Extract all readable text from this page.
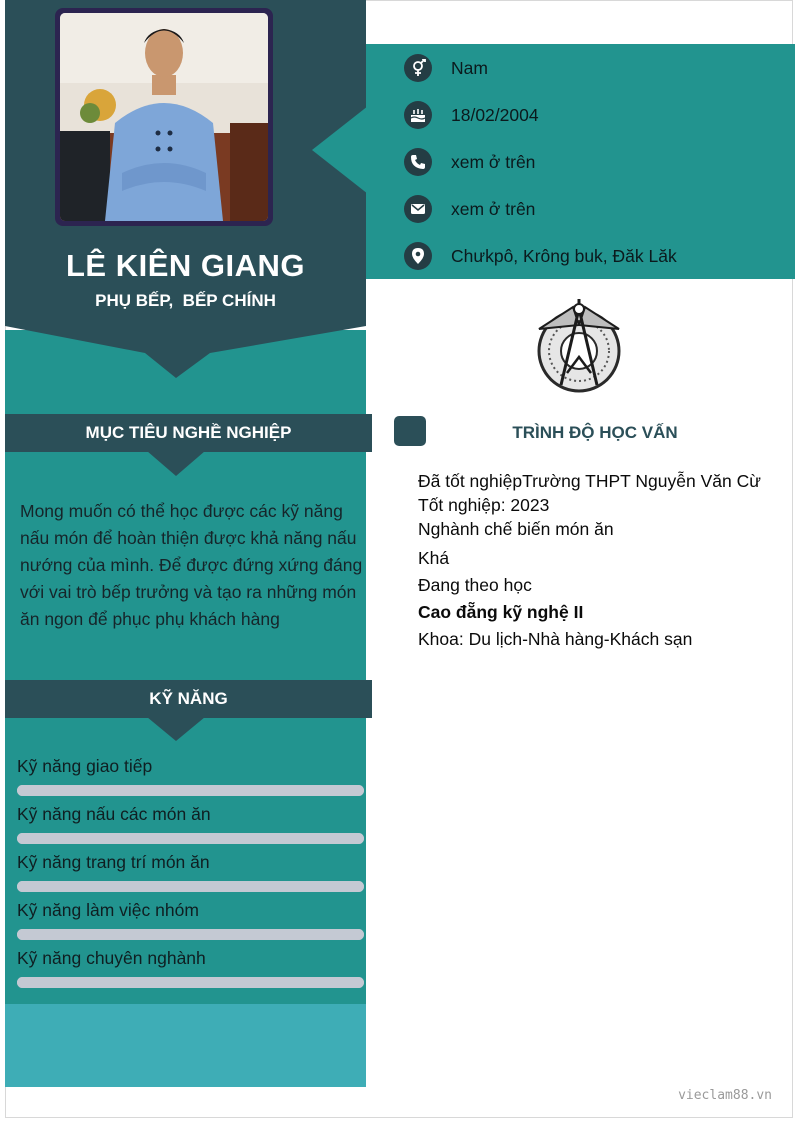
LÊ KIÊN GIANG
PHỤ BẾP,  BẾP CHÍNH
MỤC TIÊU NGHỀ NGHIỆP
Mong muốn có thể học được các kỹ năng nấu món để hoàn thiện được khả năng nấu nướng của mình. Để được đứng xứng đáng với vai trò bếp trưởng và tạo ra những món ăn ngon để phục phụ khách hàng
KỸ NĂNG
Kỹ năng giao tiếp
Kỹ năng nấu các món ăn
Kỹ năng trang trí món ăn
Kỹ năng làm việc nhóm
Kỹ năng chuyên nghành
Nam
18/02/2004
xem ở trên
xem ở trên
Chưkpô, Krông buk, Đăk Lăk
TRÌNH ĐỘ HỌC VẤN
Đã tốt nghiệpTrường THPT Nguyễn Văn Cừ
Tốt nghiệp: 2023
Nghành chế biến món ăn
Khá
Đang theo học
Cao đẵng kỹ nghệ II
Khoa: Du lịch-Nhà hàng-Khách sạn
vieclam88.vn
